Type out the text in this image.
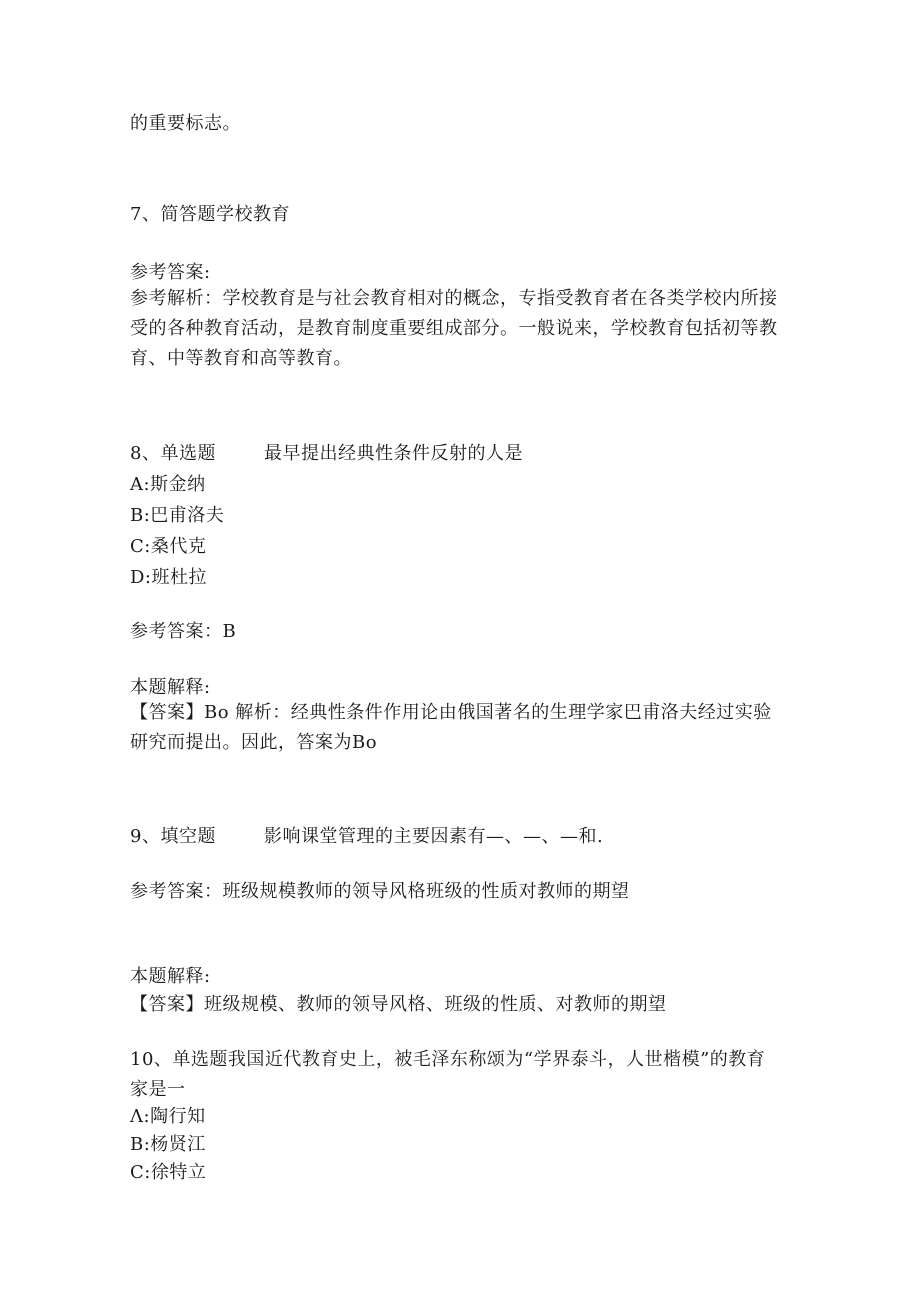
的重要标志。
7、简答题学校教育
参考答案:
参考解析：学校教育是与社会教育相对的概念，专指受教育者在各类学校内所接受的各种教育活动，是教育制度重要组成部分。一般说来，学校教育包括初等教育、中等教育和高等教育。
8、单选题	最早提出经典性条件反射的人是
A:斯金纳
B:巴甫洛夫
C:桑代克
D:班杜拉
参考答案：B
本题解释:
【答案】Bo 解析：经典性条件作用论由俄国著名的生理学家巴甫洛夫经过实验研究而提出。因此，答案为Bo
9、填空题	影响课堂管理的主要因素有—、—、—和.
参考答案：班级规模教师的领导风格班级的性质对教师的期望
本题解释:
【答案】班级规模、教师的领导风格、班级的性质、对教师的期望
10、单选题我国近代教育史上，被毛泽东称颂为“学界泰斗，人世楷模”的教育家是一
Λ:陶行知
B:杨贤江
C:徐特立
